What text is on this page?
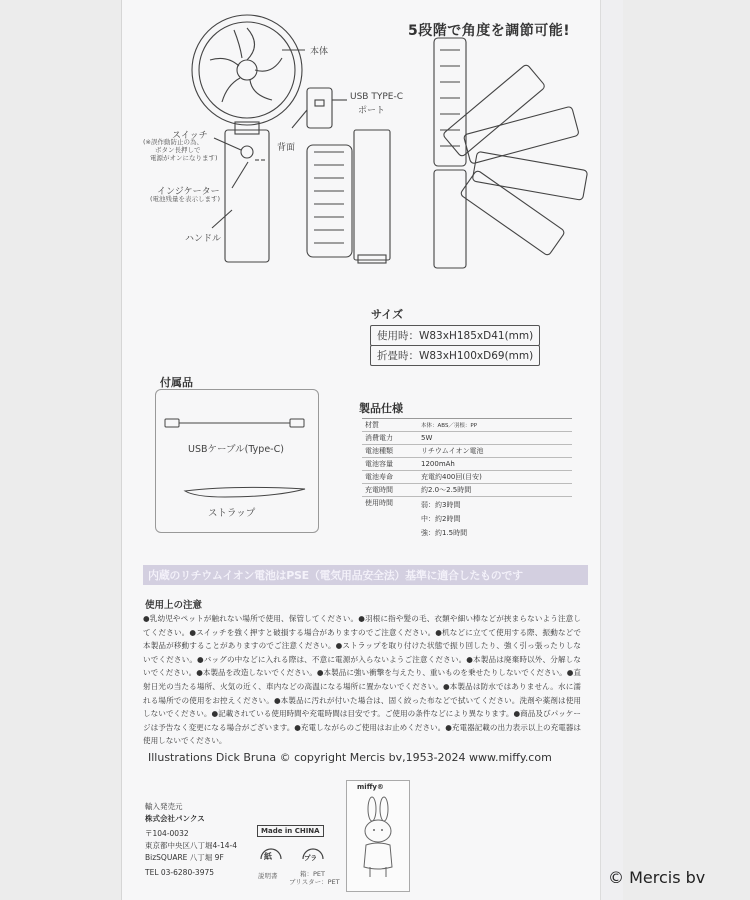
5段階で角度を調節可能!
本体
USB TYPE-C
ポート
背面
スイッチ
(※誤作動防止の為、
ボタン長押しで
電源がオンになります)
インジケーター
(電池残量を表示します)
ハンドル
サイズ
使用時：W83xH185xD41(mm)
折畳時：W83xH100xD69(mm)
付属品
USBケーブル(Type-C)
ストラップ
製品仕様
材質	本体：ABS／羽根：PP
消費電力	5W
電池種類	リチウムイオン電池
電池容量	1200mAh
電池寿命	充電約400回(目安)
充電時間	約2.0〜2.5時間
使用時間	弱：約3時間
中：約2時間
強：約1.5時間
内蔵のリチウムイオン電池はPSE（電気用品安全法）基準に適合したものです
使用上の注意
●乳幼児やペットが触れない場所で使用、保管してください。●羽根に指や髪の毛、衣類や細い棒などが挟まらないよう注意してください。●スイッチを強く押すと破損する場合がありますのでご注意ください。●机などに立てて使用する際、振動などで本製品が移動することがありますのでご注意ください。●ストラップを取り付けた状態で振り回したり、強く引っ張ったりしないでください。●バッグの中などに入れる際は、不意に電源が入らないようご注意ください。●本製品は廃棄時以外、分解しないでください。●本製品を改造しないでください。●本製品に強い衝撃を与えたり、重いものを乗せたりしないでください。●直射日光の当たる場所、火気の近く、車内などの高温になる場所に置かないでください。●本製品は防水ではありません。水に濡れる場所での使用をお控えください。●本製品に汚れが付いた場合は、固く絞った布などで拭いてください。洗剤や薬剤は使用しないでください。●記載されている使用時間や充電時間は目安です。ご使用の条件などにより異なります。●商品及びパッケージは予告なく変更になる場合がございます。●充電しながらのご使用はお止めください。●充電器記載の出力表示以上の充電器は使用しないでください。
Illustrations Dick Bruna © copyright Mercis bv,1953-2024 www.miffy.com
輸入発売元
株式会社パンクス
〒104-0032
東京都中央区八丁堀4-14-4
BizSQUARE 八丁堀 9F
TEL 03-6280-3975
Made in CHINA
紙	プラ
説明書	箱：PET
ブリスター：PET
miffy®
© Mercis bv
